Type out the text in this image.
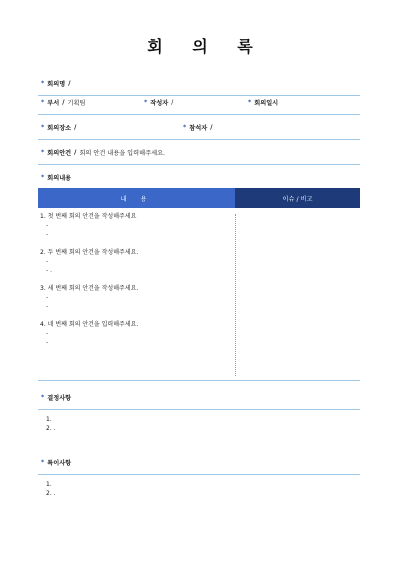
회 의 록
* 회의명 /
* 부서 / 기획팀	* 작성자 /	* 회의일시
* 회의장소 /	* 참석자 /
* 회의안건 / 회의 안건 내용을 입력해주세요.
* 회의내용
내 용	이슈 / 비고
1. 첫 번째 회의 안건을 작성해주세요
-
-
2. 두 번째 회의 안건을 작성해주세요.
-
- .
3. 세 번째 회의 안건을 작성해주세요.
-
-
4. 네 번째 회의 안건을 입력해주세요.
-
-
* 결정사항
1.
2. .
* 특이사항
1.
2. .
